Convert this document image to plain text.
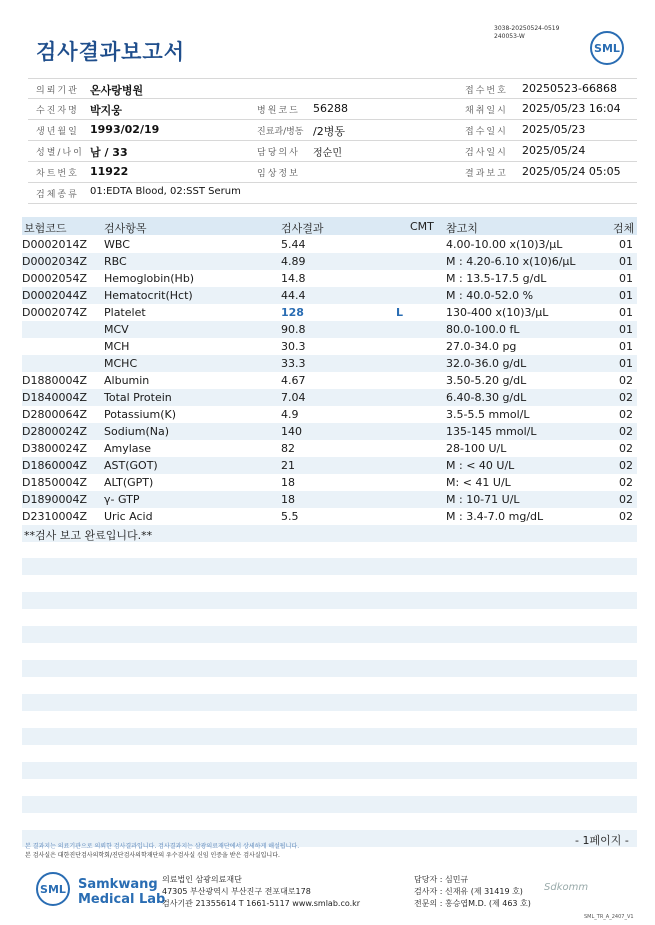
검사결과보고서
3038-20250524-0519
240053-W
SML
의뢰기관 온사랑병원	접수번호 20250523-66868
수진자명 박지웅	병원코드 56288	채취일시 2025/05/23 16:04
생년월일 1993/02/19	진료과/병동 /2병동	접수일시 2025/05/23
성별/나이 남 / 33	담당의사 정순민	검사일시 2025/05/24
차트번호 11922	임상정보	결과보고 2025/05/24 05:05
검체종류 01:EDTA Blood, 02:SST Serum
보험코드	검사항목	검사결과	CMT 참고치	검체
D0002014Z WBC	5.44	4.00-10.00 x(10)3/μL	01
D0002034Z RBC	4.89	M : 4.20-6.10 x(10)6/μL	01
D0002054Z Hemoglobin(Hb)	14.8	M : 13.5-17.5 g/dL	01
D0002044Z Hematocrit(Hct)	44.4	M : 40.0-52.0 %	01
D0002074Z Platelet	128	L	130-400 x(10)3/μL	01
MCV	90.8	80.0-100.0 fL	01
MCH	30.3	27.0-34.0 pg	01
MCHC	33.3	32.0-36.0 g/dL	01
D1880004Z Albumin	4.67	3.50-5.20 g/dL	02
D1840004Z Total Protein	7.04	6.40-8.30 g/dL	02
D2800064Z Potassium(K)	4.9	3.5-5.5 mmol/L	02
D2800024Z Sodium(Na)	140	135-145 mmol/L	02
D3800024Z Amylase	82	28-100 U/L	02
D1860004Z AST(GOT)	21	M : < 40 U/L	02
D1850004Z ALT(GPT)	18	M: < 41 U/L	02
D1890004Z γ- GTP	18	M : 10-71 U/L	02
D2310004Z Uric Acid	5.5	M : 3.4-7.0 mg/dL	02
**검사 보고 완료입니다.**
- 1페이지 -
본 결과지는 의료기관으로 의뢰한 검사결과입니다. 검사결과지는 삼광의료재단에서 상세하게 해설됩니다.
본 검사실은 대한진단검사의학회/진단검사의학재단의 우수검사실 신임 인증을 받은 검사실입니다.
SML Samkwang
Medical Lab
의료법인 삼광의료재단
47305 부산광역시 부산진구 전포대로178
검사기관 21355614 T 1661-5117 www.smlab.co.kr
담당자 : 심민규
검사자 : 신재유 (제 31419 호)
전문의 : 홍승엽M.D. (제 463 호)
Sdkomm
SML_TR_A_2407_V1
